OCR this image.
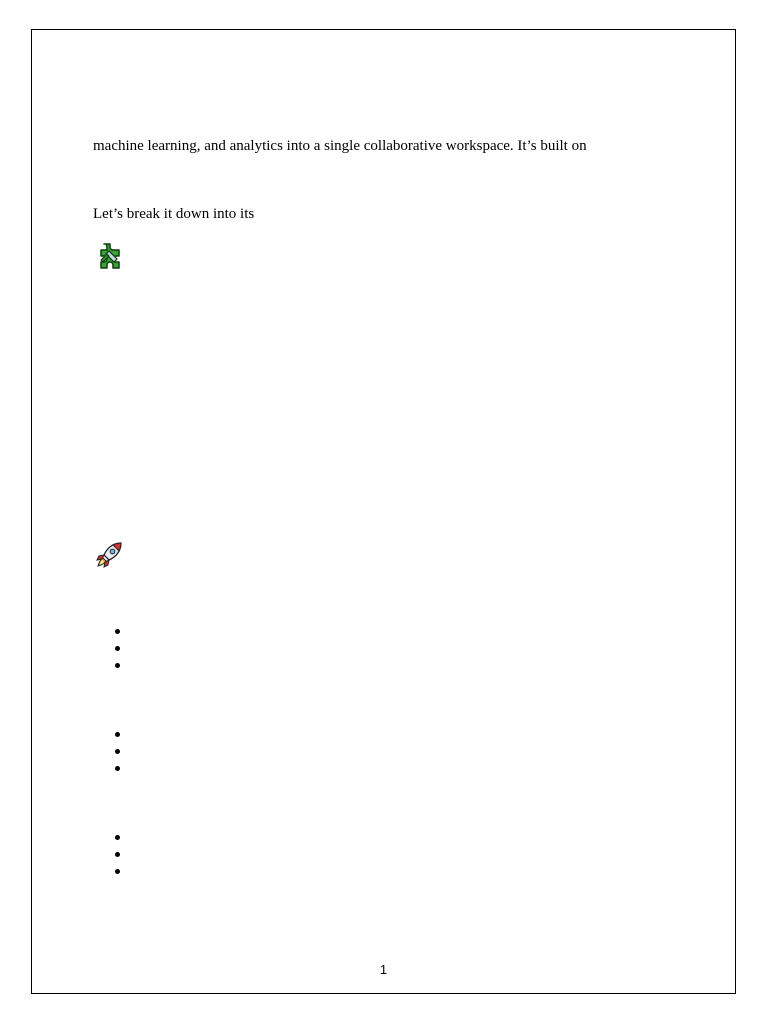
machine learning, and analytics into a single collaborative workspace. It’s built on
Let’s break it down into its
1
